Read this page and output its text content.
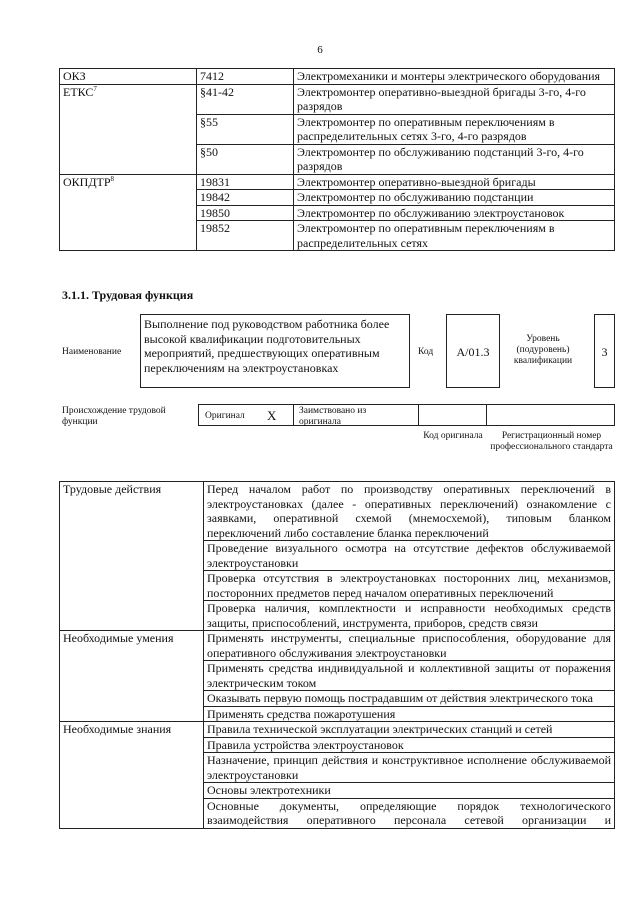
6
ОКЗ	7412	Электромеханики и монтеры электрического оборудования
ЕТКС$^7$	§41-42	Электромонтер оперативно-выездной бригады 3-го, 4-го разрядов
	§55	Электромонтер по оперативным переключениям в распределительных сетях 3-го, 4-го разрядов
	§50	Электромонтер по обслуживанию подстанций 3-го, 4-го разрядов
ОКПДТР$^8$	19831	Электромонтер оперативно-выездной бригады
	19842	Электромонтер по обслуживанию подстанции
	19850	Электромонтер по обслуживанию электроустановок
	19852	Электромонтер по оперативным переключениям в распределительных сетях
3.1.1. Трудовая функция
Наименование
Выполнение под руководством работника более высокой квалификации подготовительных мероприятий, предшествующих оперативным переключениям на электроустановках
Код	A/01.3
Уровень (подуровень) квалификации
3
Происхождение трудовой функции
Оригинал X Заимствовано из оригинала
Код оригинала	Регистрационный номер профессионального стандарта
Трудовые действия	Перед началом работ по производству оперативных переключений в электроустановках (далее - оперативных переключений) ознакомление с заявками, оперативной схемой (мнемосхемой), типовым бланком переключений либо составление бланка переключений
	Проведение визуального осмотра на отсутствие дефектов обслуживаемой электроустановки
	Проверка отсутствия в электроустановках посторонних лиц, механизмов, посторонних предметов перед началом оперативных переключений
	Проверка наличия, комплектности и исправности необходимых средств защиты, приспособлений, инструмента, приборов, средств связи
Необходимые умения	Применять инструменты, специальные приспособления, оборудование для оперативного обслуживания электроустановки
	Применять средства индивидуальной и коллективной защиты от поражения электрическим током
	Оказывать первую помощь пострадавшим от действия электрического тока
	Применять средства пожаротушения
Необходимые знания	Правила технической эксплуатации электрических станций и сетей
	Правила устройства электроустановок
	Назначение, принцип действия и конструктивное исполнение обслуживаемой электроустановки
	Основы электротехники
	Основные документы, определяющие порядок технологического взаимодействия оперативного персонала сетевой организации и
